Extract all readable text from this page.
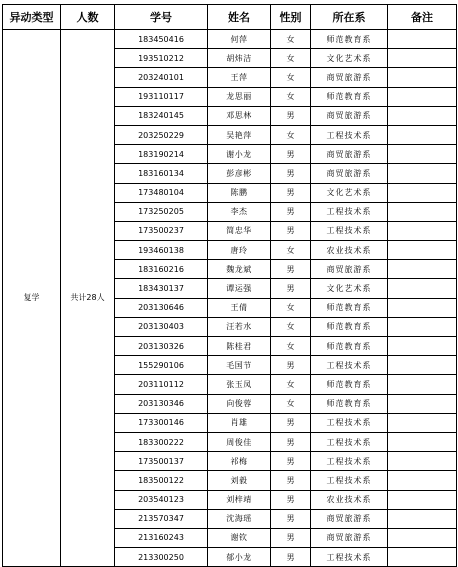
异动类型	人数	学号	姓名	性别	所在系	备注
复学	共计28人	183450416	何萍	女	师范教育系	
		193510212	胡炜洁	女	文化艺术系	
		203240101	王萍	女	商贸旅游系	
		193110117	龙思丽	女	师范教育系	
		183240145	邓思林	男	商贸旅游系	
		203250229	吴艳萍	女	工程技术系	
		183190214	谢小龙	男	商贸旅游系	
		183160134	彭彦彬	男	商贸旅游系	
		173480104	陈鹏	男	文化艺术系	
		173250205	李杰	男	工程技术系	
		173500237	简忠华	男	工程技术系	
		193460138	唐玲	女	农业技术系	
		183160216	魏龙斌	男	商贸旅游系	
		183430137	谭运强	男	文化艺术系	
		203130646	王倩	女	师范教育系	
		203130403	汪若水	女	师范教育系	
		203130326	陈桂君	女	师范教育系	
		155290106	毛国节	男	工程技术系	
		203110112	张玉凤	女	师范教育系	
		203130346	向俊蓉	女	师范教育系	
		173300146	肖雄	男	工程技术系	
		183300222	周俊佳	男	工程技术系	
		173500137	祁梅	男	工程技术系	
		183500122	刘毅	男	工程技术系	
		203540123	刘梓靖	男	农业技术系	
		213570347	沈海瑶	男	商贸旅游系	
		213160243	谢钦	男	商贸旅游系	
		213300250	郁小龙	男	工程技术系	
